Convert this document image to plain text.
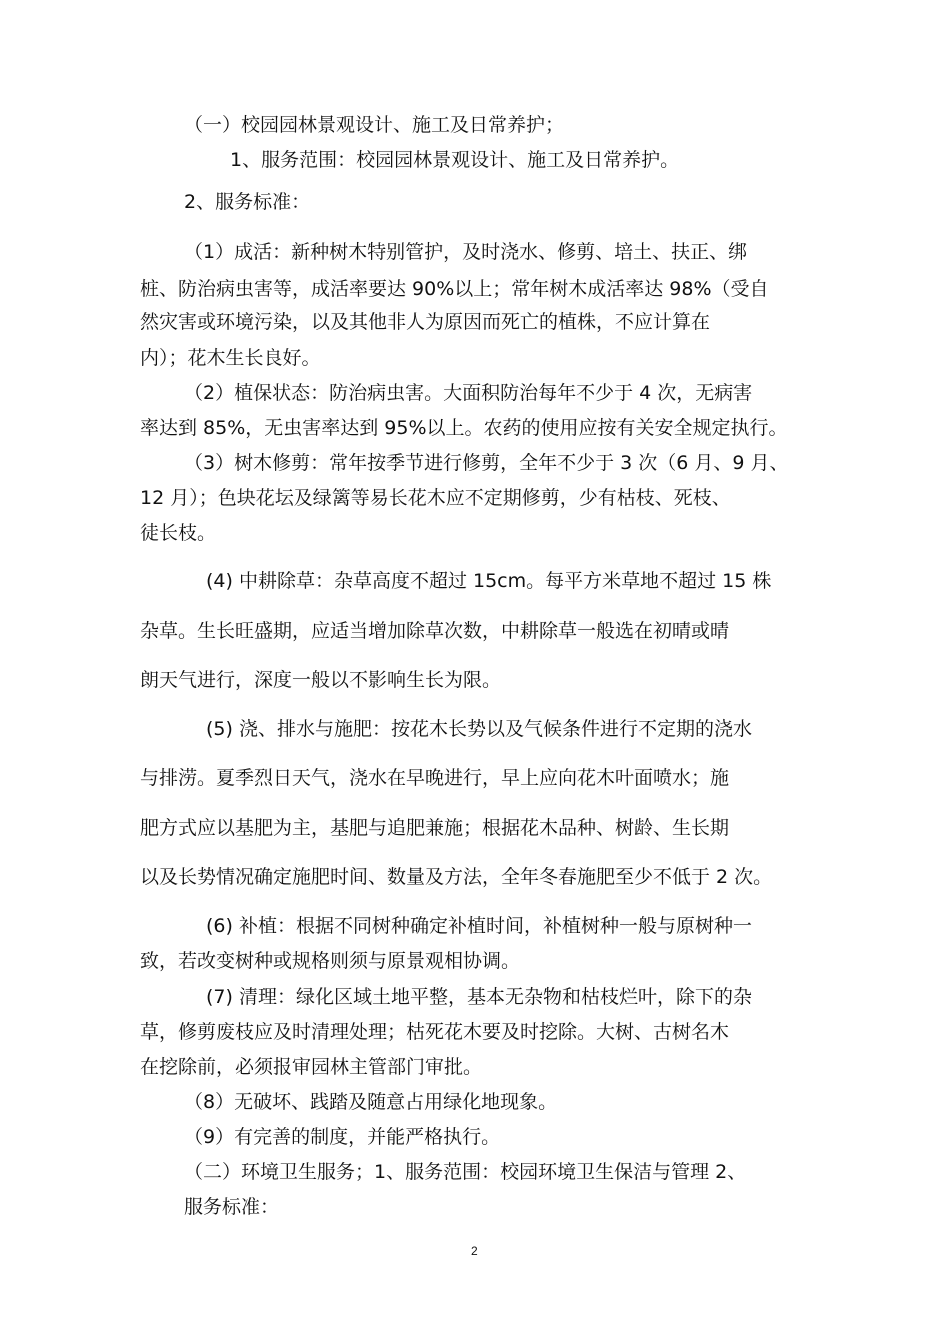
（一）校园园林景观设计、施工及日常养护；
1、服务范围：校园园林景观设计、施工及日常养护。
2、服务标准：
（1）成活：新种树木特别管护，及时浇水、修剪、培土、扶正、绑
桩、防治病虫害等，成活率要达 90%以上；常年树木成活率达 98%（受自
然灾害或环境污染，以及其他非人为原因而死亡的植株，不应计算在
内）；花木生长良好。
（2）植保状态：防治病虫害。大面积防治每年不少于 4 次，无病害
率达到 85%，无虫害率达到 95%以上。农药的使用应按有关安全规定执行。
（3）树木修剪：常年按季节进行修剪，全年不少于 3 次（6 月、9 月、
12 月）；色块花坛及绿篱等易长花木应不定期修剪，少有枯枝、死枝、
徒长枝。
(4) 中耕除草：杂草高度不超过 15cm。每平方米草地不超过 15 株
杂草。生长旺盛期，应适当增加除草次数，中耕除草一般选在初晴或晴
朗天气进行，深度一般以不影响生长为限。
(5) 浇、排水与施肥：按花木长势以及气候条件进行不定期的浇水
与排涝。夏季烈日天气，浇水在早晚进行，早上应向花木叶面喷水；施
肥方式应以基肥为主，基肥与追肥兼施；根据花木品种、树龄、生长期
以及长势情况确定施肥时间、数量及方法，全年冬春施肥至少不低于 2 次。
(6) 补植：根据不同树种确定补植时间，补植树种一般与原树种一
致，若改变树种或规格则须与原景观相协调。
(7) 清理：绿化区域土地平整，基本无杂物和枯枝烂叶，除下的杂
草，修剪废枝应及时清理处理；枯死花木要及时挖除。大树、古树名木
在挖除前，必须报审园林主管部门审批。
（8）无破坏、践踏及随意占用绿化地现象。
（9）有完善的制度，并能严格执行。
（二）环境卫生服务；1、服务范围：校园环境卫生保洁与管理 2、
服务标准：
2
